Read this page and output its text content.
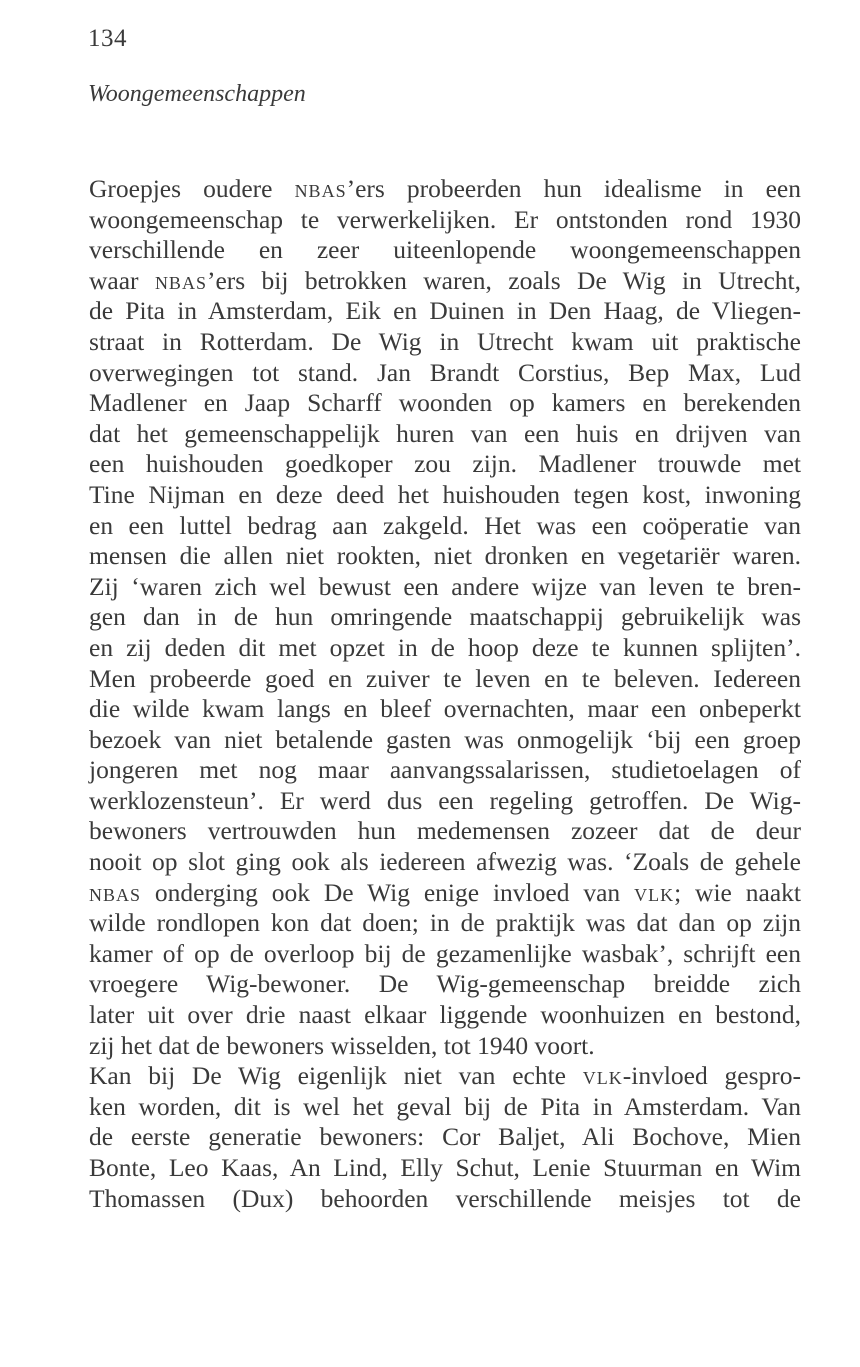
134
Woongemeenschappen
Groepjes oudere nbas’ers probeerden hun idealisme in een
woongemeenschap te verwerkelijken. Er ontstonden rond 1930
verschillende en zeer uiteenlopende woongemeenschappen
waar nbas’ers bij betrokken waren, zoals De Wig in Utrecht,
de Pita in Amsterdam, Eik en Duinen in Den Haag, de Vliegen-
straat in Rotterdam. De Wig in Utrecht kwam uit praktische
overwegingen tot stand. Jan Brandt Corstius, Bep Max, Lud
Madlener en Jaap Scharff woonden op kamers en berekenden
dat het gemeenschappelijk huren van een huis en drijven van
een huishouden goedkoper zou zijn. Madlener trouwde met
Tine Nijman en deze deed het huishouden tegen kost, inwoning
en een luttel bedrag aan zakgeld. Het was een coöperatie van
mensen die allen niet rookten, niet dronken en vegetariër waren.
Zij ‘waren zich wel bewust een andere wijze van leven te bren-
gen dan in de hun omringende maatschappij gebruikelijk was
en zij deden dit met opzet in de hoop deze te kunnen splijten’.
Men probeerde goed en zuiver te leven en te beleven. Iedereen
die wilde kwam langs en bleef overnachten, maar een onbeperkt
bezoek van niet betalende gasten was onmogelijk ‘bij een groep
jongeren met nog maar aanvangssalarissen, studietoelagen of
werklozensteun’. Er werd dus een regeling getroffen. De Wig-
bewoners vertrouwden hun medemensen zozeer dat de deur
nooit op slot ging ook als iedereen afwezig was. ‘Zoals de gehele
nbas onderging ook De Wig enige invloed van vlk; wie naakt
wilde rondlopen kon dat doen; in de praktijk was dat dan op zijn
kamer of op de overloop bij de gezamenlijke wasbak’, schrijft een
vroegere Wig-bewoner. De Wig-gemeenschap breidde zich
later uit over drie naast elkaar liggende woonhuizen en bestond,
zij het dat de bewoners wisselden, tot 1940 voort.
Kan bij De Wig eigenlijk niet van echte vlk-invloed gespro-
ken worden, dit is wel het geval bij de Pita in Amsterdam. Van
de eerste generatie bewoners: Cor Baljet, Ali Bochove, Mien
Bonte, Leo Kaas, An Lind, Elly Schut, Lenie Stuurman en Wim
Thomassen (Dux) behoorden verschillende meisjes tot de
